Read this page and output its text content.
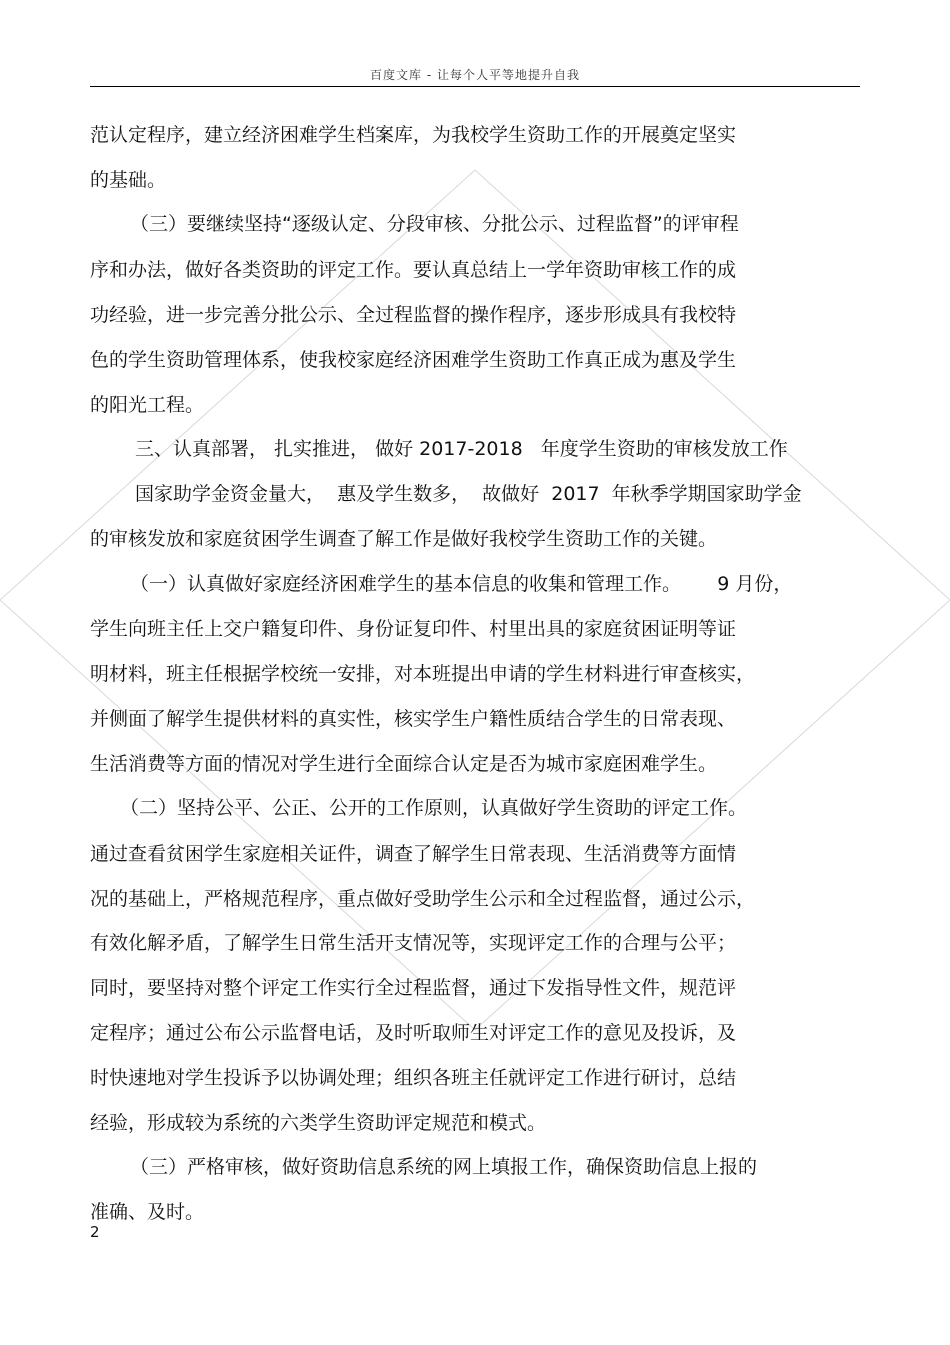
百度文库 - 让每个人平等地提升自我
范认定程序，建立经济困难学生档案库，为我校学生资助工作的开展奠定坚实
的基础。
（三）要继续坚持“逐级认定、分段审核、分批公示、过程监督”的评审程
序和办法，做好各类资助的评定工作。要认真总结上一学年资助审核工作的成
功经验，进一步完善分批公示、全过程监督的操作程序，逐步形成具有我校特
色的学生资助管理体系，使我校家庭经济困难学生资助工作真正成为惠及学生
的阳光工程。
三、认真部署， 扎实推进， 做好 2017-2018   年度学生资助的审核发放工作
国家助学金资金量大，  惠及学生数多，  故做好  2017  年秋季学期国家助学金
的审核发放和家庭贫困学生调查了解工作是做好我校学生资助工作的关键。
（一）认真做好家庭经济困难学生的基本信息的收集和管理工作。      9 月份，
学生向班主任上交户籍复印件、身份证复印件、村里出具的家庭贫困证明等证
明材料，班主任根据学校统一安排，对本班提出申请的学生材料进行审查核实，
并侧面了解学生提供材料的真实性，核实学生户籍性质结合学生的日常表现、
生活消费等方面的情况对学生进行全面综合认定是否为城市家庭困难学生。
（二）坚持公平、公正、公开的工作原则，认真做好学生资助的评定工作。
通过查看贫困学生家庭相关证件，调查了解学生日常表现、生活消费等方面情
况的基础上，严格规范程序，重点做好受助学生公示和全过程监督，通过公示，
有效化解矛盾，了解学生日常生活开支情况等，实现评定工作的合理与公平；
同时，要坚持对整个评定工作实行全过程监督，通过下发指导性文件，规范评
定程序；通过公布公示监督电话，及时听取师生对评定工作的意见及投诉，及
时快速地对学生投诉予以协调处理；组织各班主任就评定工作进行研讨，总结
经验，形成较为系统的六类学生资助评定规范和模式。
（三）严格审核，做好资助信息系统的网上填报工作，确保资助信息上报的
准确、及时。
2
